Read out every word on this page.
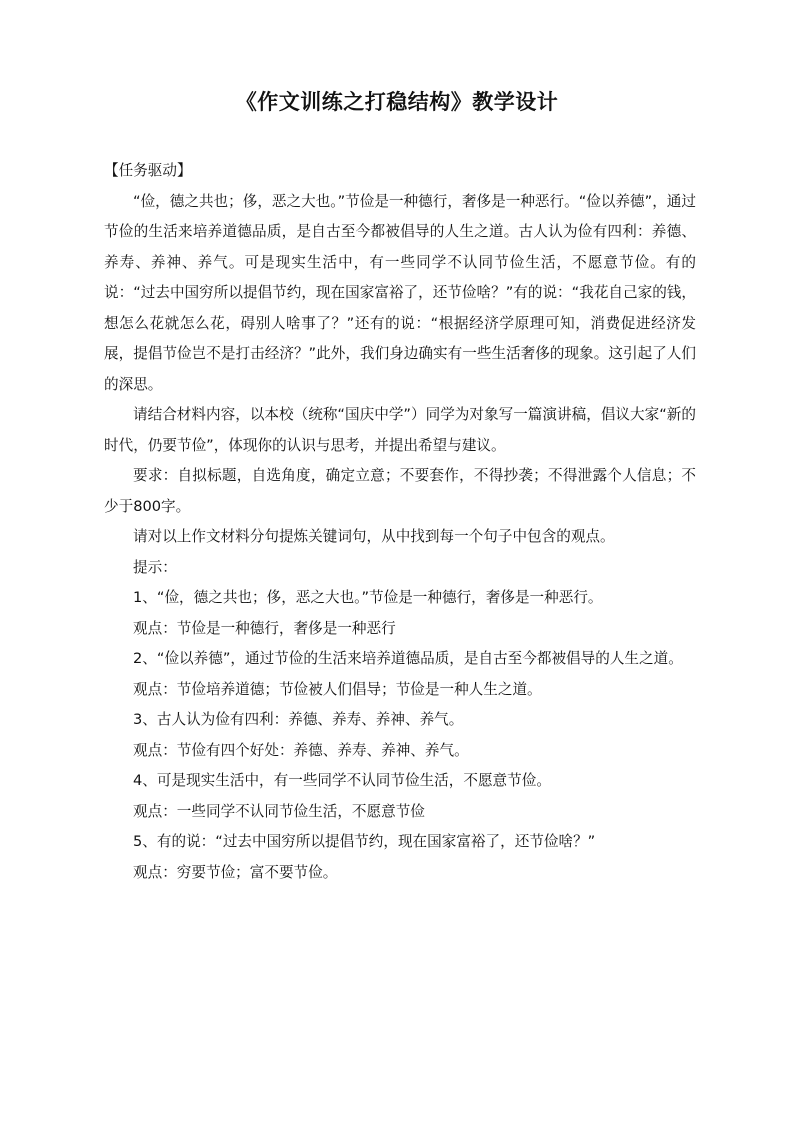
《作文训练之打稳结构》教学设计

【任务驱动】

“俭，德之共也；侈，恶之大也。”节俭是一种德行，奢侈是一种恶行。“俭以养德”，通过节俭的生活来培养道德品质，是自古至今都被倡导的人生之道。古人认为俭有四利：养德、养寿、养神、养气。可是现实生活中，有一些同学不认同节俭生活，不愿意节俭。有的说：“过去中国穷所以提倡节约，现在国家富裕了，还节俭啥？”有的说：“我花自己家的钱，想怎么花就怎么花，碍别人啥事了？”还有的说：“根据经济学原理可知，消费促进经济发展，提倡节俭岂不是打击经济？”此外，我们身边确实有一些生活奢侈的现象。这引起了人们的深思。

请结合材料内容，以本校（统称“国庆中学”）同学为对象写一篇演讲稿，倡议大家“新的时代，仍要节俭”，体现你的认识与思考，并提出希望与建议。

要求：自拟标题，自选角度，确定立意；不要套作，不得抄袭；不得泄露个人信息；不少于800字。

请对以上作文材料分句提炼关键词句，从中找到每一个句子中包含的观点。

提示：

1、“俭，德之共也；侈，恶之大也。”节俭是一种德行，奢侈是一种恶行。

观点：节俭是一种德行，奢侈是一种恶行

2、“俭以养德”，通过节俭的生活来培养道德品质，是自古至今都被倡导的人生之道。

观点：节俭培养道德；节俭被人们倡导；节俭是一种人生之道。

3、古人认为俭有四利：养德、养寿、养神、养气。

观点：节俭有四个好处：养德、养寿、养神、养气。

4、可是现实生活中，有一些同学不认同节俭生活，不愿意节俭。

观点：一些同学不认同节俭生活，不愿意节俭

5、有的说：“过去中国穷所以提倡节约，现在国家富裕了，还节俭啥？”

观点：穷要节俭；富不要节俭。
